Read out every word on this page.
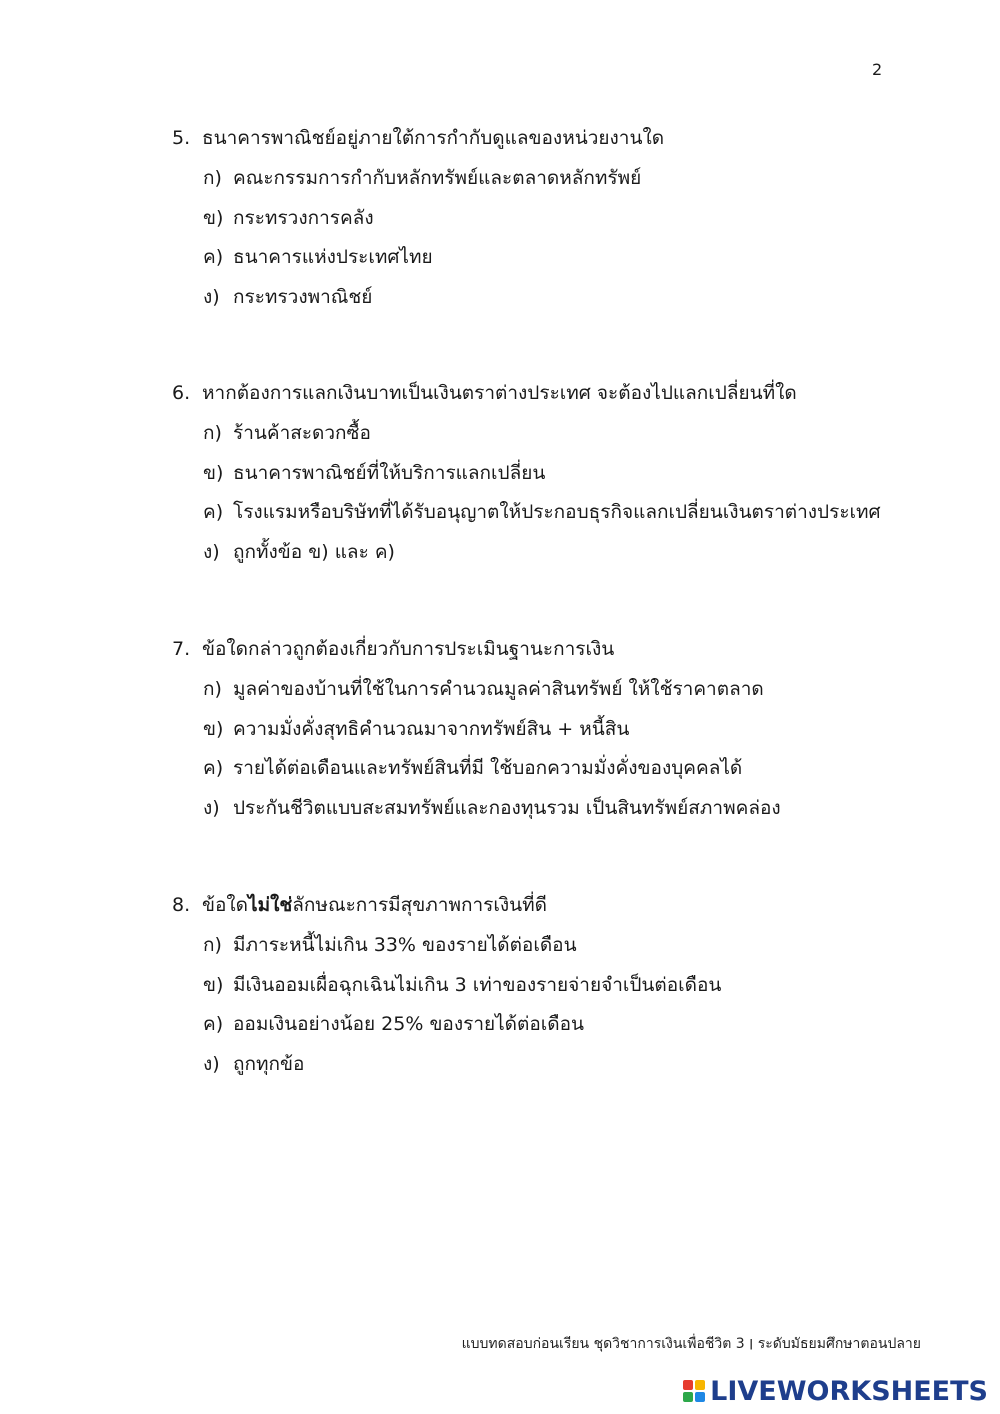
2
5. ธนาคารพาณิชย์อยู่ภายใต้การกำกับดูแลของหน่วยงานใด
ก) คณะกรรมการกำกับหลักทรัพย์และตลาดหลักทรัพย์
ข) กระทรวงการคลัง
ค) ธนาคารแห่งประเทศไทย
ง) กระทรวงพาณิชย์
6. หากต้องการแลกเงินบาทเป็นเงินตราต่างประเทศ จะต้องไปแลกเปลี่ยนที่ใด
ก) ร้านค้าสะดวกซื้อ
ข) ธนาคารพาณิชย์ที่ให้บริการแลกเปลี่ยน
ค) โรงแรมหรือบริษัทที่ได้รับอนุญาตให้ประกอบธุรกิจแลกเปลี่ยนเงินตราต่างประเทศ
ง) ถูกทั้งข้อ ข) และ ค)
7. ข้อใดกล่าวถูกต้องเกี่ยวกับการประเมินฐานะการเงิน
ก) มูลค่าของบ้านที่ใช้ในการคำนวณมูลค่าสินทรัพย์ ให้ใช้ราคาตลาด
ข) ความมั่งคั่งสุทธิคำนวณมาจากทรัพย์สิน + หนี้สิน
ค) รายได้ต่อเดือนและทรัพย์สินที่มี ใช้บอกความมั่งคั่งของบุคคลได้
ง) ประกันชีวิตแบบสะสมทรัพย์และกองทุนรวม เป็นสินทรัพย์สภาพคล่อง
8. ข้อใดไม่ใช่ลักษณะการมีสุขภาพการเงินที่ดี
ก) มีภาระหนี้ไม่เกิน 33% ของรายได้ต่อเดือน
ข) มีเงินออมเผื่อฉุกเฉินไม่เกิน 3 เท่าของรายจ่ายจำเป็นต่อเดือน
ค) ออมเงินอย่างน้อย 25% ของรายได้ต่อเดือน
ง) ถูกทุกข้อ
แบบทดสอบก่อนเรียน ชุดวิชาการเงินเพื่อชีวิต 3 ׀ ระดับมัธยมศึกษาตอนปลาย
LIVEWORKSHEETS
